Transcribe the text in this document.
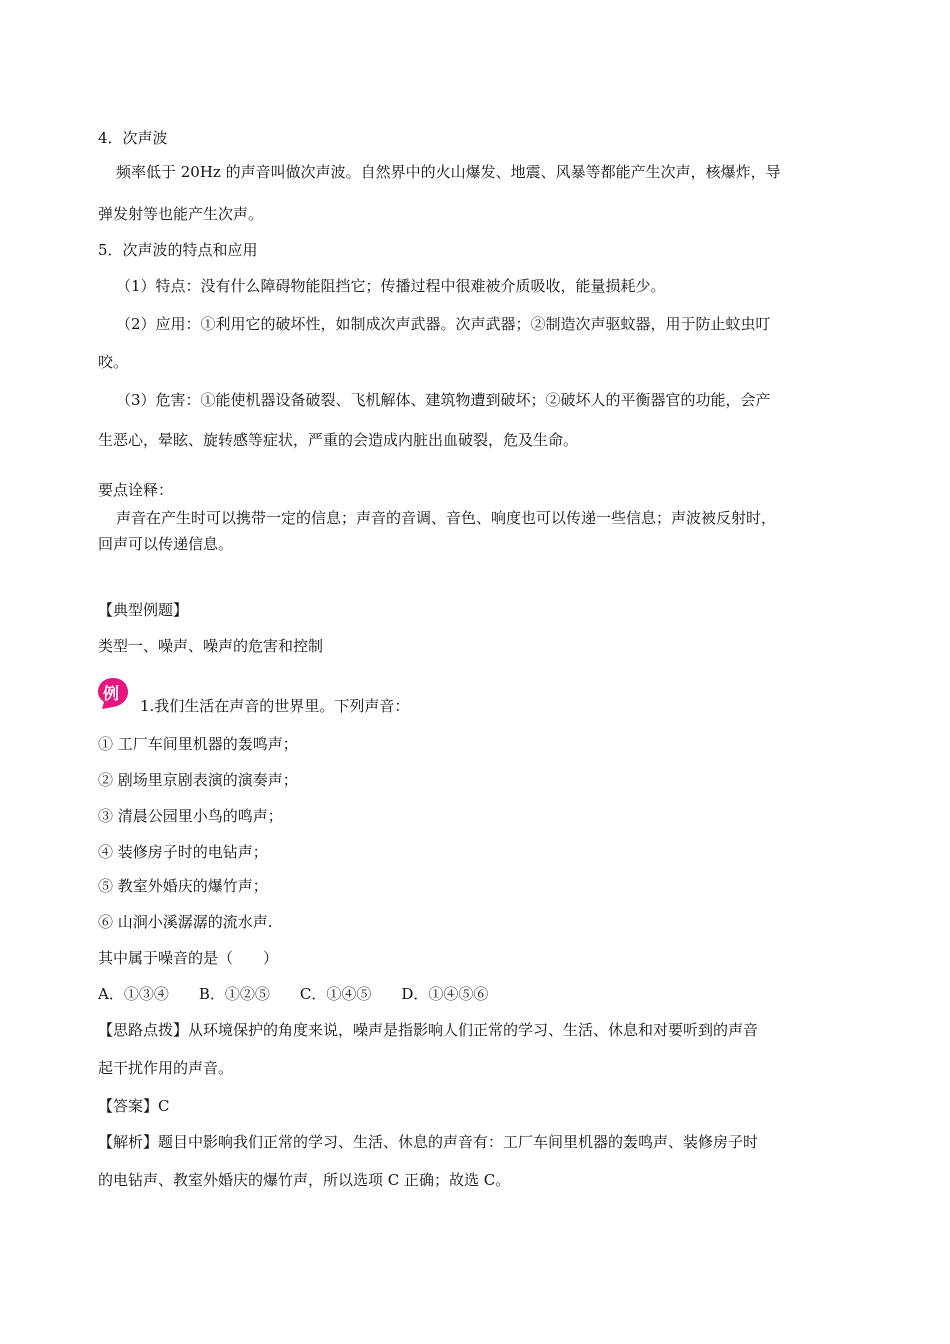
4．次声波
频率低于 20Hz 的声音叫做次声波。自然界中的火山爆发、地震、风暴等都能产生次声，核爆炸，导
弹发射等也能产生次声。
5．次声波的特点和应用
（1）特点：没有什么障碍物能阻挡它；传播过程中很难被介质吸收，能量损耗少。
（2）应用：①利用它的破坏性，如制成次声武器。次声武器；②制造次声驱蚊器，用于防止蚊虫叮
咬。
（3）危害：①能使机器设备破裂、飞机解体、建筑物遭到破坏；②破坏人的平衡器官的功能，会产
生恶心，晕眩、旋转感等症状，严重的会造成内脏出血破裂，危及生命。
要点诠释：
声音在产生时可以携带一定的信息；声音的音调、音色、响度也可以传递一些信息；声波被反射时，
回声可以传递信息。
【典型例题】
类型一、噪声、噪声的危害和控制
例
1.我们生活在声音的世界里。下列声音：
① 工厂车间里机器的轰鸣声；
② 剧场里京剧表演的演奏声；
③ 清晨公园里小鸟的鸣声；
④ 装修房子时的电钻声；
⑤ 教室外婚庆的爆竹声；
⑥ 山涧小溪潺潺的流水声.
其中属于噪音的是（　　）
A．①③④　　B．①②⑤　　C．①④⑤　　D．①④⑤⑥
【思路点拨】从环境保护的角度来说，噪声是指影响人们正常的学习、生活、休息和对要听到的声音
起干扰作用的声音。
【答案】C
【解析】题目中影响我们正常的学习、生活、休息的声音有：工厂车间里机器的轰鸣声、装修房子时
的电钻声、教室外婚庆的爆竹声，所以选项 C 正确；故选 C。
